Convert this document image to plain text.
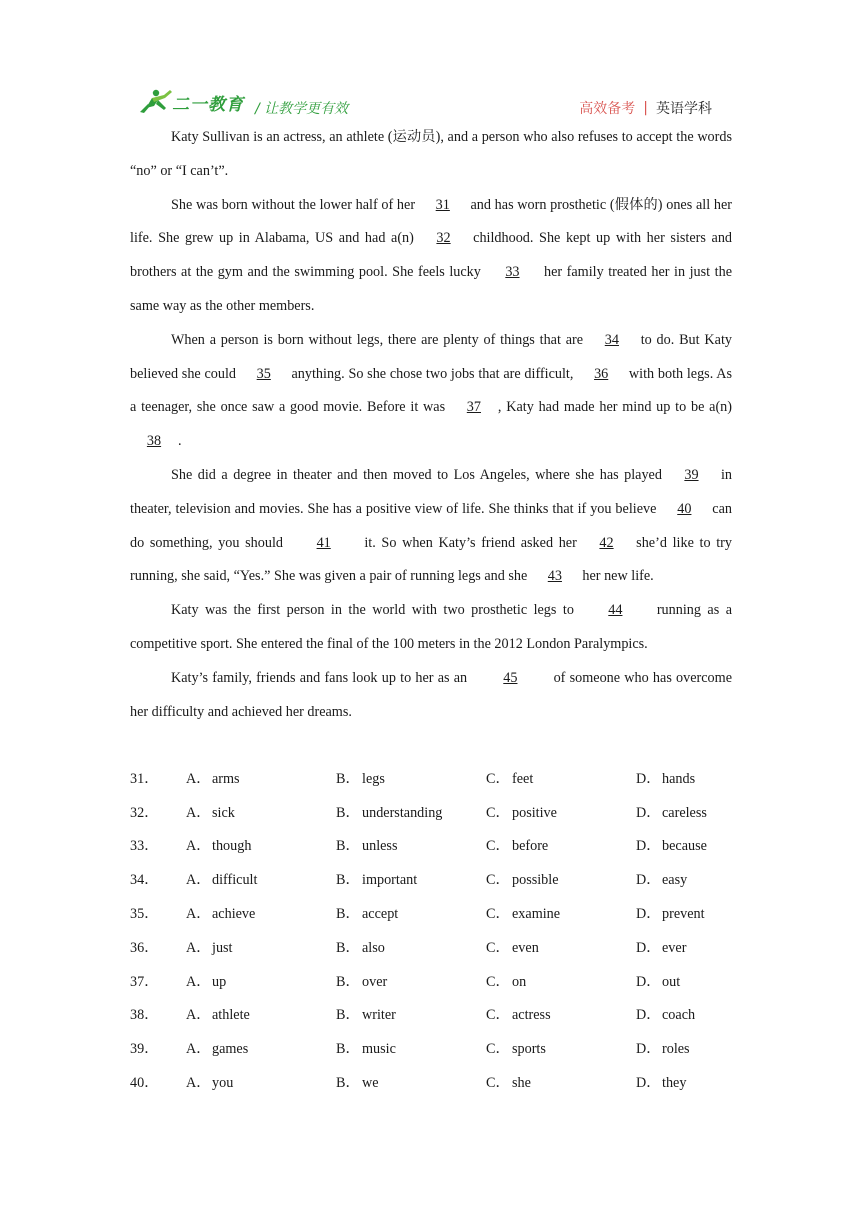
二一教育 / 让教学更有效	高效备考 | 英语学科

Katy Sullivan is an actress, an athlete (运动员), and a person who also refuses to accept the words “no” or “I can’t”.

She was born without the lower half of her 31 and has worn prosthetic (假体的) ones all her life. She grew up in Alabama, US and had a(n) 32 childhood. She kept up with her sisters and brothers at the gym and the swimming pool. She feels lucky 33 her family treated her in just the same way as the other members.

When a person is born without legs, there are plenty of things that are 34 to do. But Katy believed she could 35 anything. So she chose two jobs that are difficult, 36 with both legs. As a teenager, she once saw a good movie. Before it was 37 , Katy had made her mind up to be a(n) 38 .

She did a degree in theater and then moved to Los Angeles, where she has played 39 in theater, television and movies. She has a positive view of life. She thinks that if you believe 40 can do something, you should 41 it. So when Katy’s friend asked her 42 she’d like to try running, she said, “Yes.” She was given a pair of running legs and she 43 her new life.

Katy was the first person in the world with two prosthetic legs to 44 running as a competitive sport. She entered the final of the 100 meters in the 2012 London Paralympics.

Katy’s family, friends and fans look up to her as an 45 of someone who has overcome her difficulty and achieved her dreams.

31．	A． arms	B． legs	C． feet	D． hands
32．	A． sick	B． understanding	C． positive	D． careless
33．	A． though	B． unless	C． before	D． because
34．	A． difficult	B． important	C． possible	D． easy
35．	A． achieve	B． accept	C． examine	D． prevent
36．	A． just	B． also	C． even	D． ever
37．	A． up	B． over	C． on	D． out
38．	A． athlete	B． writer	C． actress	D． coach
39．	A． games	B． music	C． sports	D． roles
40．	A． you	B． we	C． she	D． they
